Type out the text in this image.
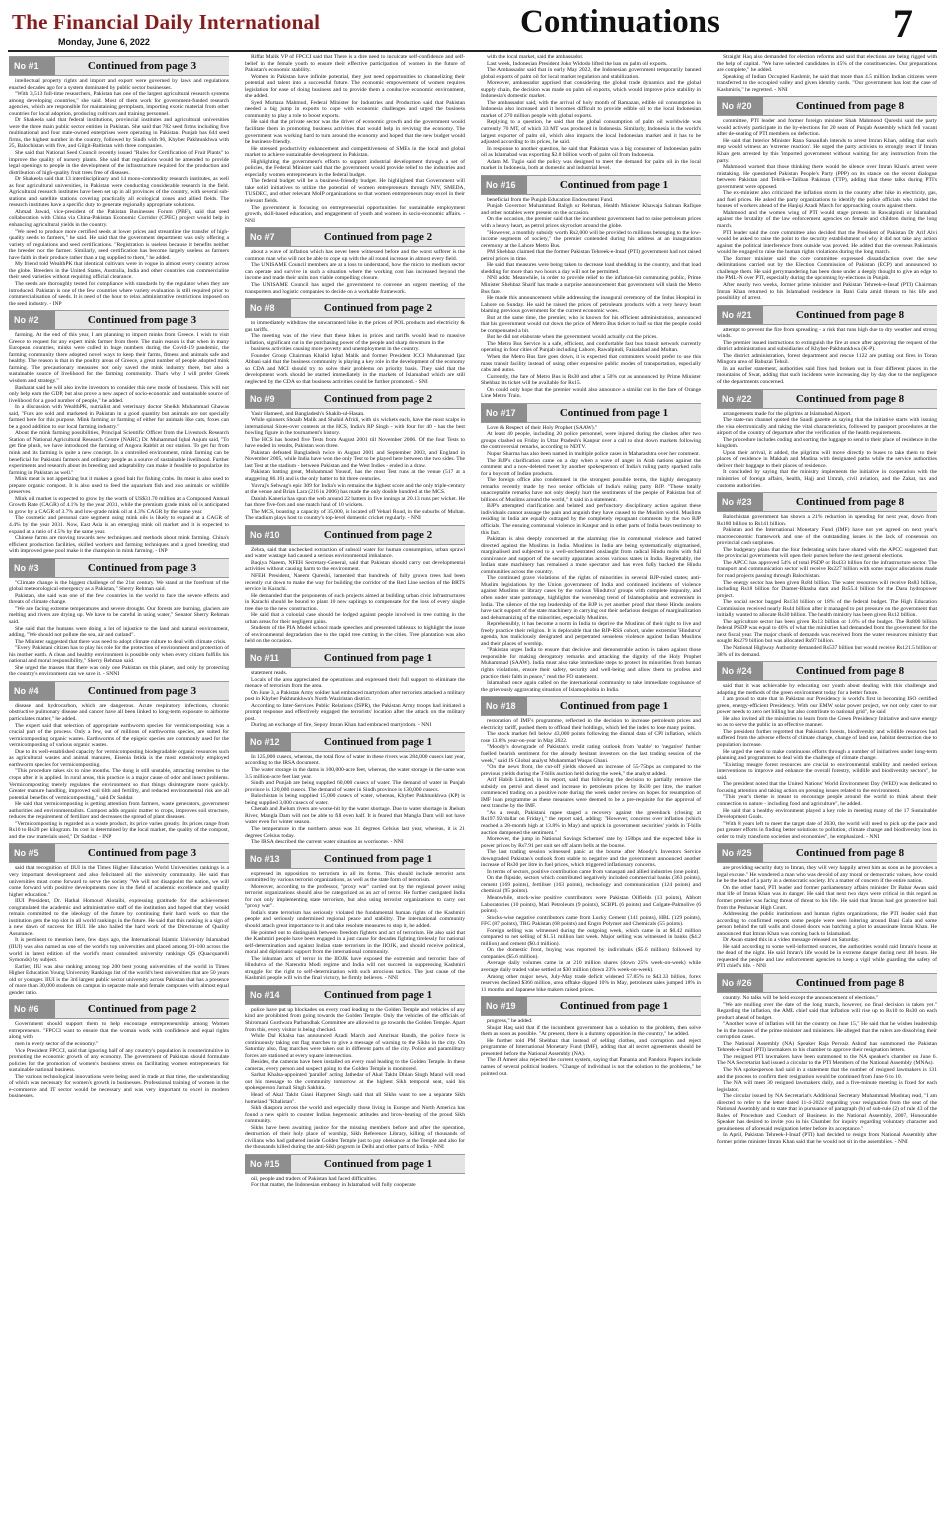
The Financial Daily International
Monday, June 6, 2022
Continuations	7
No #1	Continued from page 3

intellectual property rights and import and export were governed by laws and regulations enacted decades ago for a system dominated by public sector businesses.

"With 3,513 full-time researchers, Pakistan has one of the largest agricultural research systems among developing countries," she said. Most of them work for government-funded research agencies, which are responsible for maintaining germplasm, importing exotic material from other countries for local adoption, producing cultivars and training personnel.

Dr Shakeela said that federal institutions, provincial institutes and agricultural universities were the three main public sector entities in Pakistan. She said that 782 seed firms including five multinational and four state-owned enterprises were operating in Pakistan. Punjab has 644 seed firms, the highest number in the country, followed by Sindh with 96, Khyber Pakhtunkhwa with 25, Balochistan with five, and Gilgit-Baltistan with three companies.

She said that National Seed Council recently issued "Rules for Certification of Fruit Plants" to improve the quality of nursery plants. She said that regulations would be amended to provide legal openings to people in the development of the infrastructure required for the production and distribution of high-quality fruit trees free of diseases.

Dr Shakeela said that 13 interdisciplinary and 14 mono-commodity research institutes, as well as four agricultural universities, in Pakistan were conducting considerable research in the field. Agricultural research institutes have been set up in all provinces of the country, with several sub-stations and satellite stations covering practically all ecological zones and allied fields. The research institutes have a specific duty to generate regionally appropriate solutions.

Ahmad Jawad, vice-president of the Pakistan Businesses Forum (PBF), said that seed collaboration with China via China-Pakistan Economic Corridor (CPEC) project would help in enhancing agricultural yields in the country.

"We need to produce more certified seeds at lower prices and streamline the transfer of high-quality seeds to farmers," he said. He said that the government department was only offering a variety of regulations and seed certifications. "Registration is useless because it benefits neither the breeder nor the farmer. Similarly, seed certification has become largely useless as farmers have faith in their produce rather than a tag supplied to them," he added.

My friend told WealthPK that identical cultivars were in vogue in almost every country across the globe. Breeders in the United States, Australia, India and other countries can commercialise their seed varieties without requiring official clearance.

The seeds are thoroughly tested for compliance with standards by the regulator when they are introduced. Pakistan is one of the few countries where variety evaluation is still required prior to commercialisation of seeds. It is need of the hour to relax administrative restrictions imposed on the seed industry. - INP

No #2	Continued from page 3

farming. At the end of this year, I am planning to import minks from Greece. I wish to visit Greece to request for any expert mink farmer from there. The main reason is that when in many European countries, minks were culled in huge numbers during the Covid-19 pandemic, the farming community there adopted novel ways to keep their farms, fitness and animals safe and healthy. The reason is that in the poultry areas of Greece, a great number of people adopted mink farming. The precautionary measures not only saved the mink industry there, but also a sustainable source of livelihood for the farming community. That's why I will prefer Greek wisdom and strategy."

Basharat said he will also invite investors to consider this new mode of business. This will not only help earn the GDP, but also prove a new aspect of socio-economic and sustainable source of livelihood for a good number of people," he added.

In a discussion with WealthPK, nutrialist and veterinary doctor Sheikh Muhammad Ghawas said, "Furs are sold and marketed in Pakistan in a good quantity but animals are not specially farmed here for this purpose. Mink farming or farming of either fur animals like cats, foxes can be a good addition to our local farming industry."

About the mink farming possibilities, Principal Scientific Officer from the Livestock Research Station of National Agricultural Research Centre (NARC) Dr. Muhammad Iqbal Anjum said, "To get fine plush, we have introduced the farming of Angora Rabbit at our station. To get fur from mink and its farming is quite a new concept. In a controlled environment, mink farming can be beneficial for Pakistani farmers and ordinary people as a source of sustainable livelihood. Further experiments and research about its breeding and adaptability can make it feasible to popularize its farming in Pakistan as well."

Mink meat is not appetizing but it makes a good bait for fishing crabs. Its meat is also used to prepare organic compost. It is also used to feed the aquarium fish and zoo animals or wildlife preserves.

Mink oil market is expected to grow by the worth of US$31.70 million at a Compound Annual Growth Rate (CAGR) of 4.1% by the year 2031, while the premium grade mink oil is anticipated to grow by a CAGR of 3.7% and low-grade mink oil at 4.3% CAGR by the same year.

The cosmetic and personal care segment using mink oils is likely to expand at a CAGR of 4.4% by the year 2031. Now, East Asia is an emerging mink oil market and it is expected to expand at a ratio of 4.5% by the same year.

Chinese farms are moving towards new techniques and methods about mink farming. China's efficient production facilities, skilled workers and farming techniques and a good breeding stud with improved gene pool make it the champion in mink farming. - INP

No #3	Continued from page 3

"Climate change is the biggest challenge of the 21st century. We stand at the forefront of the global meteorological emergency as a Pakistan," Sherry Rehman said.

Pakistan, she said was one of the few countries in the world to face the severe effects and threats of climate change.

"We are facing extreme temperatures and severe drought. Our forests are burning, glaciers are melting and rivers are drying up. We have to be careful in using water," Senator Sherry Rehman said.

She said that the humans were doing a lot of injustice to the land and natural environment, adding, "We should not pollute the sea, air and cutland".

The Minister suggested that there was need to adopt climate culture to deal with climate crisis.

"Every Pakistani citizen has to play his role for the protection of environment and protection of his mother earth. A clean and healthy environment is possible only when every citizen fulfills his national and moral responsibility," Sherry Rehman said.

She urged the masses that there was only one Pakistan on this planet, and only by protecting the country's environment can we save it. - SNNI

No #4	Continued from page 3

disease and hydrocarbon, which are dangerous. Acute respiratory infections, chronic obstructive pulmonary disease and cancer have all been linked to long-term exposure to airborne particulates matter," he added.

The expert said that selection of appropriate earthworm species for vermicomposting was a crucial part of the process. Only a few, out of millions of earthworms species, are suited for vermicomposting organic wastes. Earthworms of the epigeic species are commonly used for the vermicomposting of various organic wastes.

Due to its well-established capacity for vermicomposting biodegradable organic resources such as agricultural wastes and animal manures, Eisenia fetida is the most extensively employed earthworm species for vermicomposting.

"This procedure takes six to nine months. The dung is still unstable, attracting termites to the crops after it is applied. In rural areas, this practice is a major cause of odor and insect problems. Vermicomposting merely regulates the environment so that things disintegrate more quickly. Greater manure handling, improved soil tilth and fertility, and reduced environmental risk are all potential benefits of vermicomposting," said Dr Saddar.

He said that vermicomposting is getting attention from farmers, waste generators, government authorities and environmentalists. Compost adds organic matter to crops, improves soil structure, reduces the requirement of fertilizer and decreases the spread of plant diseases.

"Vermicomposting is regarded as a waste product, its price varies greatly. Its prices range from Rs10 to Rs20 per kilogram. Its cost is determined by the local market, the quality of the compost, and the raw materials used," Dr Saddar. - INP

No #5	Continued from page 3

said that recognition of IIUI in the Times Higher Education World Universities rankings is a very important development and also felicitated all the university community. He said that universities must come forward to serve the society "We will not disappoint the nation, we will come forward with positive developments now in the field of academic excellence and quality higher education."

IIUI President, Dr. Hathal Homoud Alotaibi, expressing gratitude for the achievement congratulated the academic and administrative staff of the institution and hoped that they would remain committed to the ideology of the future by continuing their hard work so that the institution gets the top slot in all world rankings in the future. He said that this ranking is a sign of a new dawn of success for IIUI. He also hailed the hard work of the Directorate of Quality Assurance.

It is pertinent to mention here, few days ago, the International Islamic University Islamabad (IIUI) was also named as one of the world's top universities and placed among 91-100 across the world in latest edition of the world's most consulted university rankings QS (Quacquarelli Symonds) by subject.

Earlier, IIU was also ranking among top 200 best young universities of the world in Times Higher Education Young University Rankings list of the world's best universities that are 50 years old or younger. IIUI is the 3rd largest public sector university across Pakistan that has a presence of more than 30,000 students on campus in separate male and female campuses with almost equal gender ratio.

No #6	Continued from page 2

Government should support them to help encourage entrepreneurship among Women entrepreneurs. "FPCCI want to ensure that the woman work with confidence and equal rights along with

men in every sector of the economy."

Vice President FPCCI, said that ignoring half of any country's population is counterintuitive in promoting the economic growth of any economy. The government of Pakistan should formulate policies for the promotion of women's business stress on facilitating women entrepreneurs for sustainable national business.

The various technological innovations were being used in trade at that time, the understanding of which was necessary for women's growth in businesses. Professional training of women in the e-commerce and IT sector would be necessary and was very important to excel in modern businesses.

Riffat Malik VP of FPCCI said that There is a dire need to inculcate self-confidence and self-belief in the female youth to ensure their effective participation of women in the future of Pakistan's economic stability.

Women in Pakistan have infinite potential, they just need opportunities to channelizing their potential and talent into a successful future. The economic empowerment of women requires legislation for ease of doing business and to provide them a conducive economic environment, she added.

Syed Murtaza Mahmud, Federal Minister for Industries and Production said that Pakistan needed a big jump in exports to cope with economic challenges and urged the business community to play a role to boost exports.

He said that the private sector was the driver of economic growth and the government would facilitate them in promoting business activities that would help in reviving the economy. The government was working hard to turn around the economy and hoped that the new budget would be business-friendly.

He stressed productivity enhancement and competitiveness of SMEs in the local and global market to achieve sustainable development in Pakistan.

Highlighting the government's efforts to support industrial development through a set of policies, the Federal Minister said that the government would provide relief to the industries and especially women entrepreneurs in the federal budget.

The federal budget will be a business-friendly budget. He highlighted that Government will take solid initiatives to utilize the potential of women entrepreneurs through NIV, SMEDA, TUSDEC, and other relevant MoIP organizations so that women entrepreneurs may excel in their relevant fields.

The government is focusing on entrepreneurial opportunities for sustainable employment growth, skill-based education, and engagement of youth and women in socio-economic affairs. - NNI

No #7	Continued from page 2

about a wave of inflation which has never been witnessed before and the worst sufferer is the common man who will not be able to cope up with the all round increase in almost every field.

The UNISAME Council members are at a loss to understand, how the micro to medium sector can operate and survive in such a situation where the working cost has increased beyond the income and made their units non viable compelling closure.

The UNISAME Council has urged the government to convene an urgent meeting of the transporters and logistic companies to decide on a workable framework.

No #8	Continued from page 2

to immediately withdraw the unwarranted hike in the prices of POL products and electricity & gas tariffs.

The meeting was of the view that these hikes in prices and tariffs would lead to massive inflation, significant cut in the purchasing power of the people and sharp downturn in the

business activities causing more poverty and unemployment in the country.

Founder Group Chairman Khalid Iqbal Malik and former President ICCI Muhammad Ijaz Abbasi said that the business community is playing a key role in the development of the economy so CDA and MCI should try to solve their problems on priority basis. They said that the development work should be started immediately in the markets of Islamabad which are still neglected by the CDA so that business activities could be further promoted. - SNI

No #9	Continued from page 2

Yasir Hameed, and Bangladesh's Shakib-ul-Hasan.

While spinners Shoaib Malik and Shahid Afridi, with six wickets each, have the most scalps in international Sixes-over contests at the HCS, India's RP Singh - with four for 40 - has the best bowling figure in the tournament's history.

The HCS has hosted five Tests from August 2001 till November 2006. Of the four Tests to have ended in results, Pakistan won three.

Pakistan defeated Bangladesh twice in August 2001 and September 2003, and England in November 2005, while India have won the only Test to be played here between the two sides. The last Test at the stadium - between Pakistan and the West Indies - ended in a draw.

Pakistan batting great, Mohammad Yousuf, has the most Test runs at the venue (517 at a staggering 86.16) and is the only batter to hit three centuries.

Yuvraj's Sehwag's epic 309 for India's win remains the highest score and the only triple-century at the venue and Brian Lara (216 in 2006) has made the only double hundred at the MCS.

Danish Kaneria has spun the web around 22 batters in five innings at 20.13 runs per wicket. He has three five-fors and one match haul of 10 wickets.

The MCS, boasting a capacity of 35,000, is located off Vehari Road, in the suburbs of Multan. The stadium plays host to country's top-level domestic cricket regularly. - NNI

No #10	Continued from page 2

Zehra, said that unchecked extraction of subsoil water for human consumption, urban sprawl and water wastage had caused a serious environmental imbalance.

Baqiya Naeem, NFEH Secretary-General, said that Pakistan should carry out developmental activities without causing harm to the environment.

NFEH President, Naeem Qureshi, lamented that hundreds of fully grown trees had been recently cut down to make the way for building the corridor of the Red Line section of the BRTS service in Karachi.

He demanded that the proponents of such projects aimed at building urban civic infrastructures in Karachi should be bound to plant 10 new saplings to compensate for the loss of every single tree due to the new construction.

He said that a colonial case should be lodged against people involved in tree cutting in the urban areas for their negligent gains.

Students of the PIA Model school made speeches and presented tableaux to highlight the issue of environmental degradation due to the rapid tree cutting in the cities. Tree plantation was also held on the occasion.

No #11	Continued from page 1

statement reads.

Locals of the area appreciated the operations and expressed their full support to eliminate the menace of terrorism from the area.

On June 3, a Pakistan Army soldier had embraced martyrdom after terrorists attacked a military post in Khyber Pakhtunkhwa's North Waziristan district.

According to Inter-Services Public Relations (ISPR), the Pakistan Army troops had initiated a prompt response and effectively engaged the terrorists' location after the attack on the military post.

During an exchange of fire, Sepoy Imran Khan had embraced martyrdom. - NNI

No #12	Continued from page 1

In 125,000 cusecs, whereas, the total flow of water in these rivers was 284,000 cusecs last year, according to the IRSA document.

The water storage in the dams is 100,000-acre feet, whereas, the water storage in the same was 3.5 million-acre feet last year.

Sindh and Punjab are being supplied 60,000 cusecs of water. The demand of water in Punjab province is 120,000 cusecs. The demand of water in Sindh province is 130,000 cusecs.

Balochistan is being supplied 15,000 cusecs of water, whereas, Khyber Pakhtunkhwa (KP) is being supplied 3,000 cusecs of water.

Chenab and Jhelum rivers are worse-hit by the water shortage. Due to water shortage in Jhelum River, Mangla Dam will not be able to fill even half. It is feared that Mangla Dam will not have water even for winter season.

The temperature in the northern areas was 31 degrees Celsius last year, whereas, it is 21 degrees Celsius today.

The IRSA described the current water situation as worrisome. - NNI

No #13	Continued from page 1

expressed its opposition to terrorism in all its forms. This should include terrorist acts committed by various terrorist organizations, as well as the state form of terrorism.

Moreover, according to the professor, "proxy war" carried out by the regional power using terrorist organizations should also be categorized as an act of terror. He further castigated India for not only implementing state terrorism, but also using terrorist organizations to carry out "proxy war".

India's state terrorism has seriously violated the fundamental human rights of the Kashmiri people and seriously undermined regional peace and stability. The international community should attach great importance to it and take resolute measures to stop it, he added.

He pointed out to distinguish between freedom fighters and act of terrorism. He also said that the Kashmiri people have been engaged in a just cause for decades fighting tirelessly for national self-determination and against Indian state terrorism in the IIOJK, and should receive political, moral and diplomatic support from the international community.

The inhuman acts of terror in the IIOJK have exposed the extremist and terrorist face of Hindutva of the Narendra Modi regime and India will not succeed in suppressing Kashmiri struggle for the right to self-determination with such atrocious tactics. The just cause of the Kashmiri people will win the final victory, he firmly believes. - NNI

No #14	Continued from page 1

police have put up blockades on every road leading to the Golden Temple and vehicles of any kind are prohibited from going towards the Golden Temple. Only the vehicles of the officials of Shiromani Gurdwara Parbandhak Committee are allowed to go towards the Golden Temple. Apart from this, every visitor is being checked.

While Dal Khalsa has announced Azadi March and Amritsar Bandh, the police force is continuously taking out flag marches to give a message of warning to the Sikhs in the city. On Saturday also, flag marches were taken out in different parts of the city. Police and paramilitary forces are stationed at every square intersection.

Besides, the cameras have been installed on every road leading to the Golden Temple. In these cameras, every person and suspect going to the Golden Temple is monitored.

Sarbat Khalsa-appointed 'parallel' acting Jathedar of Akal Takht Dhian Singh Mand will read out his message to the community tomorrow at the highest Sikh temporal seat, said his spokesperson Jarnail Singh Sakhira.

Head of Akal Takht Giani Harpreet Singh said that all Sikhs want to see a separate Sikh homeland "Khalistan".

Sikh diaspora across the world and especially those living in Europe and North America has found a new spirit to counter Indian hegemonic attitudes and brow-beating of the proud Sikh community.

Sikhs have been awaiting justice for the missing members before and after the operation, destruction of their holy place of worship, Sikh Reference Library, killing of thousands of civilians who had gathered inside Golden Temple just to pay obeisance at the Temple and also for the thousands killed during the anti-Sikh pogrom in Delhi and other parts of India. - NNI

No #15	Continued from page 1

oil, people and traders of Pakistan had faced difficulties.

For that matter, the Indonesian embassy in Islamabad will fully cooperate

with the local market, said the ambassador.

Last week, Indonesian President Joko Widodo lifted the ban on palm oil exports.

The Ambassador said that in early May 2022, the Indonesian government temporarily banned global exports of palm oil for local market regulation and stabilization.

Moreover, ambassador apprised that considering the global trade dynamics and the global supply chain, the decision was made on palm oil exports, which would improve price stability in Indonesia's domestic market.

The ambassador said, with the arrival of holy month of Ramazan, edible oil consumption in Indonesia also increased and it becomes difficult to provide edible oil to the local Indonesian market of 270 million people with global exports.

Replying to a question, he said that the global consumption of palm oil worldwide was currently 70 MT, of which 33 MT was produced in Indonesia. Similarly, Indonesia is the world's largest exporter of palm oil, which also impacts the local Indonesian market and it has to be adjusted according to its prices, he said.

In response to another question, he said that Pakistan was a big consumer of Indonesian palm oil as Islamabad was exporting $2.8 billion worth of palm oil from Indonesia.

Adam M. Tugio said the policy was designed to meet the demand for palm oil in the local market in Indonesia, both at domestic and industrial level.

No #16	Continued from page 1

beneficial from the Punjab Education Endowment Fund.

Punjab Governor Muhammad Baligh ur Rehman, Health Minister Khawaja Salman Rafique and other notables were present on the occasion.

On the occasion, the premier said that the incumbent government had to raise petroleum prices with a heavy heart, as petrol prices skyrocket around the globe.

"However, a monthly subsidy worth Rs2,000 will be provided to millions belonging to the low-income segments of society," the premier contended during his address at an inauguration ceremony at the Lahore Metro Bus.

PM Shehbaz claimed that the former Pakistan Tehreek-e-Insaf (PTI) government had not raised petrol prices in time.

He said that measures were being taken to decrease load shedding in the country, and that load shedding for more than two hours a day will not be permitted.

NNI adds: Meanwhile, in order to provide relief to the inflation-hit commuting public, Prime Minister Shehbaz Sharif has made a surprise announcement that government will slash the Metro Bus fare.

He made this announcement while addressing the inaugural ceremony of the Indus Hospital in Lahore on Sunday. He said he raised the prices of petroleum products with a very heavy heart blaming previous government for the current economic woes.

But at the same time, the premier, who is known for his efficient administration, announced that his government would cut down the price of Metro Bus ticket to half so that the people could be compensated a bit.

But he did not elaborate when the government would actually cut the prices.

The Metro Bus Service is a safe, efficient, and comfortable fast bus transit network currently operating in four cities of Punjab including Lahore, Rawalpindi, Faisalabad and Multan.

When the Metro Bus fare goes down, it is expected that commuters would prefer to use this mass transit facility instead of using other expensive public modes of transportation, especially cabs and autos.

Currently, the fare of Metro Bus is Rs30 and after a 50% cut as announced by Prime Minister Shehbaz its ticket will be available for Rs15.

On could only hope that the premier would also announce a similar cut in the fare of Orange Line Metro Train.

No #17	Continued from page 1

Love & Respect of their Holy Prophet (SAAW)."

At least 40 people, including 20 police personnel, were injured during the clashes after two groups clashed on Friday in Uttar Pradesh's Kanpur over a call to shut down markets following the controversial remarks, according to NDTV.

Nupur Sharma has also been named in multiple police cases in Maharashtra over her comment.

The BJP's clarification came on a day when a wave of anger in Arab nations against the comment and a now-deleted tweet by another spokesperson of India's ruling party sparked calls for a boycott of Indian products.

The foreign office also condemned in the strongest possible terms, the highly derogatory remarks recently made by two senior officials of India's ruling party BJP. "These totally unacceptable remarks have not only deeply hurt the sentiments of the people of Pakistan but of billions of Muslims around the world," it said in a statement.

BJP's attempted clarification and belated and perfunctory disciplinary action against these individuals cannot assuage the pain and anguish they have caused to the Muslim world. Muslims residing in India are equally outraged by the completely repugnant comments by the two BJP officials. The ensuing communal violence in Kanpur and in other parts of India bears testimony to this fact.

Pakistan is also deeply concerned at the alarming rise in communal violence and hatred directed against the Muslims in India. Muslims in India are being systematically stigmatised, marginalised and subjected to a well-orchestrated onslaught from radical Hindu mobs with full connivance and support of the security apparatus across various states in India. Regrettably, the Indian state machinery has remained a mute spectator and has even fully backed the Hindu communities across the country.

The continued grave violations of the rights of minorities in several BJP-ruled states; anti-Muslim legislations by the Union government of India and continued incidents of violence against Muslims or library cases by the various 'Hindutva' groups with complete impunity, and often under state patronage, highlights the worsening trend of Islamophobia and extremism in India. The silence of the top leadership of the BJP is yet another proof that these Hindu zealots have tacit support of the state machinery in carrying out their nefarious designs of marginalization and dehumanizing of the minorities, especially Muslims.

Reprehensibly, it has become a norm in India to deprive the Muslims of their right to live and freely practice their religion. It is deplorable that the BJP-RSS cohort, under extremist 'Hindutva' agenda, has maliciously denigrated and perpetrated senseless violence against Indian Muslims and their places of worship.

"Pakistan urges India to ensure that decisive and demonstrable action is taken against those responsible for making derogatory remarks and attacking the dignity of the Holy Prophet Muhammad (SAAW). India must also take immediate steps to protect its minorities from human rights violations, ensure their safety, security and well-being and allow them to profess and practice their faith in peace," read the FO statement.

Islamabad once again called on the international community to take immediate cognisance of the grievously aggravating situation of Islamophobia in India.

No #18	Continued from page 1

restoration of IMF's programme, reflected in the decision to increase petroleum prices and electricity tariff, pushed them to offload their holdings, which led the index to lose many points.

The stock market fell below 43,000 points following the dismal data of CPI inflation, which rose 13.8% year-on-year in May 2022.

"Moody's downgrade of Pakistan's credit rating outlook from 'stable' to 'negative' further fuelled bearish sentiment for the already hesitant investors on the last trading session of the week," said JS Global analyst Muhammad Waqas Ghani.

"On the news front, the cut-off yields showed an increase of 55-75bps as compared to the previous yields during the T-bills auction held during the week," the analyst added.

Arif Habib Limited, in its report, said that following the decision to partially remove the subsidy on petrol and diesel and increase in petroleum prices by Rs30 per litre, the market commenced trading on a positive note during the week under review on hopes for resumption of IMF loan programme as these measures were deemed to be a pre-requisite for the approval of next tranche by the IMF.

"As a result, Pakistani rupee staged a recovery against the greenback (closing at Rs197.92/dollar on Friday)," the report said, adding: "However, concerns over inflation (which reached a 28-month high at 13.8% in May) and uptick in government securities' yields in T-bills auction dampened the sentiment."

Moreover, the jump in National Savings Schemes' rate by 150bps and the expected hike in power prices by Rs7.91 per unit set off alarm bells at the bourse.

The last trading session witnessed panic at the bourse after Moody's Investors Service downgraded Pakistan's outlook from stable to negative and the government announced another increase of Rs30 per litre in fuel prices, which triggered inflationary concerns.

In terms of sectors, positive contribution came from vanaspati and allied industries (one point).

On the flipside, sectors which contributed negatively included commercial banks (363 points), cement (169 points), fertiliser (163 points), technology and communication (124 points) and chemical (95 points).

Meanwhile, stock-wise positive contributors were Pakistan Oilfields (13 points), Abbott Laboratories (10 points), Mari Petroleum (9 points), SCBPL (6 points) and Colgate-Palmolive (6 points).

Stocks-wise negative contributors came from Lucky Cement (141 points), HBL (129 points), FFC (87 points), TRG Pakistan (68 points) and Engro Polymer and Chemicals (55 points).

Foreign selling was witnessed during the outgoing week, which came in at $0.42 million compared to net selling of $1.51 million last week. Major selling was witnessed in banks ($4.2 million) and cement ($0.4 million).

On the domestic front, buying was reported by individuals ($5.6 million) followed by companies ($5.6 million).

Average daily volumes came in at 210 million shares (down 25% week-on-week) while average daily traded value settled at $30 million (down 23% week-on-week).

Among other major news, July-May trade deficit widened 57.85% to $43.33 billion, forex reserves declined $366 million, urea offtake dipped 10% in May, petroleum sales jumped 18% in 11 months and Japanese bike makers raised prices.

No #19	Continued from page 1

progress," he added.

Shujat Haq said that if the incumbent government has a solution to the problem, then solve them as soon as possible. "At present, there is a dummy opposition in the country," he added.

He further told PM Shehbaz that instead of selling clothes, and corruption and reject programme of International Monetary Fund (IMF), adding that all secret agreements should be presented before the National Assembly (NA).

The JI Ameer also rejected the current system, saying that Panama and Pandora Papers include names of several political leaders. "Change of individual is not the solution to the problems," he pointed out.

Straight Haq also demanded for election reforms and said that elections are being rigged with the help of capital. "We have selected candidates in 45% of the constituencies. Our preparations are complete," he added.

Speaking of Indian Occupied Kashmir, he said that more than 4.5 million Indian citizens were transferred to the occupied valley and given identity cards. "Our government has lost the case of Kashmiris," he regretted. - NNI

No #20	Continued from page 8

committee, PTI leader and former foreign minister Shah Mahmood Qureshi said the party would actively participate in the by-elections for 20 seats of Punjab Assembly which fell vacant after de-seating of PTI members on defection.

He said that Interior Minister Rana Sanaullah intends to arrest Imran Khan, adding that such step would witness an 'extreme reaction'. He urged the party activists to strongly react if Imran Khan gets arrested by this 'imported government without waiting for any instruction from the party.

Mahmood warned that those thinking there would be silence over Imran Khan's arrest were mistaking. He questioned Pakistan People's Party (PPP) on its stance on the recent dialogue between Pakistan and Tehrik-e-Taliban Pakistan (TTP), adding that these talks during PTI's government were opposed.

The ex-minister also criticized the inflation storm in the country after hike in electricity, gas, and fuel prices. He asked the party organizations to identify the police officials who raided the houses of workers ahead of the Haqiqi Azadi March for approaching courts against them.

Mahmood and the women wing of PTI would stage protests in Rawalpindi or Islamabad against the brutality of the law enforcement agencies on female and children during the long march.

PTI leader said the core committee also decided that the President of Pakistan Dr Arif Alvi would be asked to raise the point to the security establishment of why it did not take any action against the political interference from outside was proved. He added that the overseas Pakistanis would be engaged to raise the human rights violations during the long march.

The former minister said the core committee expressed dissatisfaction over the new delimitations carried out by the Election Commission of Pakistan (ECP) and announced to challenge them. He said gerrymandering has been done under a deeply thought to give an edge to the PML-N over PTI, especially during the upcoming by-elections in Punjab.

After nearly two weeks, former prime minister and Pakistan Tehreek-e-Insaf (PTI) Chairman Imran Khan returned to his Islamabad residence in Bani Gala amid threats to his life and possibility of arrest.

No #21	Continued from page 8

attempt to prevent the fire from spreading - a risk that runs high due to dry weather and strong winds.

The premier issued instructions to extinguish the fire at once after approving the request of the district administration and subsidiaries of Khyber-Pakhtunkhwa (K-P).

The district administration, forest department and rescue 1122 are putting out fires in Toran Mingora area of Babuzai Tehsil.

In an earlier statement, authorities said fires had broken out in four different places in the mountains of Swat, adding that such incidents were increasing day by day due to the negligence of the departments concerned.

No #22	Continued from page 8

arrangements made for the pilgrims at Islamabad Airport.

The state-run channel quoted the Saudi gazette as saying that the initiative starts with issuing the visa electronically and taking the vital characteristics, followed by passport procedures at the airport of the country of departure after the verification of the health requirements.

The procedure includes coding and sorting the luggage to send to their place of residence in the kingdom.

Upon their arrival, it added, the pilgrims will move directly to buses to take them to their places of residence in Makkah and Madina with designated paths while the service authorities deliver their baggage to their places of residence.

It concluded by saying that the ministry implements the initiative in cooperation with the ministries of foreign affairs, health, Hajj and Umrah, civil aviation, and the Zakat, tax and customs authorities.

No #23	Continued from page 8

Balochistan government has shown a 21% reduction in spending for next year, down from Rs180 billion to Rs141 billion.

Pakistan and the International Monetary Fund (IMF) have not yet agreed on next year's macroeconomic framework and one of the outstanding issues is the lack of consensus on provincial cash surpluses.

The budgetary plans that the four federating units have shared with the APCC suggested that the provincial governments will open their purses before the next general elections.

The APCC has approved 54% of total PSDP or Rs433 billion for the infrastructure sector. The transport and communication sector will receive Rs227 billion with some major allocations made for road projects passing through Balochistan.

The energy sector has been given Rs84 billion. The water resources will receive Rs83 billion, including Rs18 billion for Diamer-Bhasha dam and Rs55.4 billion for the Dasu hydropower project.

The social sector bagged Rs134 billion or 18% of the federal budget. The High Education Commission received nearly Rs44 billion after it managed to put pressure on the government that initially wanted to allocate Rs30 billion. The health ministry has been given Rs12 billion.

The agriculture sector has been given Rs13 billion or 1.6% of the budget. The Rs800 billion federal PSDP was equal to 46% of what the ministries had demanded from the government for the next fiscal year. The major chunk of demands was received from the water resources ministry that sought Rs279 billion but was allocated Rs97 billion.

The National Highway Authority demanded Rs537 billion but would receive Rs121.5 billion or 38% of its demand.

No #24	Continued from page 8

said that it was achievable by educating our youth about dealing with this challenge and adapting the methods of the green environment today for a better future.

I am proud to state that in Pakistan our Presidency is world's first in becoming ISO certified green, energy-efficient Presidency. With our EMW solar power project, we not only cater to our power needs to zero net billing but also contribute to national grid", he said

He also invited all the ministries to learn from the Green Presidency Initiative and save energy so as to serve the public in an effective manner.

The president further regretted that Pakistan's forests, biodiversity and wildlife resources had suffered from the adverse effects of climate change, change of land use, habitat destruction due to population increase.

He urged the need to make continuous efforts through a number of initiatives under long-term planning and programmes to deal with the challenge of climate change.

"Existing meagre forest resources are crucial to environmental stability and needed serious interventions to improve and enhance the overall forestry, wildlife and biodiversity sectors", he said.

The president noted that the United Nations' World Environment Day (WED) was dedicated to focusing attention and taking action on pressing issues related to the environment.

"This year's theme is meant to encourage people around the world to think about their connection to nature - including food and agriculture", he added.

He said that a healthy environment played a key role in meeting many of the 17 Sustainable Development Goals.

"With 8 years left to meet the target date of 2030, the world will need to pick up the pace and put greater efforts in finding better solutions to pollution, climate change and biodiversity loss in order to truly transform societies and economies", he emphasized. - NNI

No #25	Continued from page 8

are providing security duty to Imran, they will very happily arrest him as soon as he provokes a legal excuse." He wondered a man who was devoid of any moral or democratic values, how could he be the head of a party in a democratic society. It's a matter of concern if the entire nation.

On the other hand, PTI leader and former parliamentary affairs minister Dr Babar Awan said that life of Imran Khan was in danger. He said that next two days were critical in this regard as former premier was facing threat of threat to his life. He said that Imran had got protective bail from the Peshawar High Court.

Addressing the public institutions and human rights organizations, the PTI leader said that according to confirmed reports some people were seen loitering around Bani Gala and some person behind the tall walls and closed doors was hatching a plot to assassinate Imran Khan. He announced that Imran Khan was coming back to Islamabad.

Dr Awan stated this in a video message released on Saturday.

He said according to some well-informed sources, the authorities would raid Imran's house at the dead of the night. He said Imran's life would be in extreme danger during next 48 hours. He requested the people and law enforcement agencies to keep a vigil while guarding the safety of PTI chief's life. - NNI

No #26	Continued from page 8

country. No talks will be held except the announcement of elections."

"We are mulling over the date of the long march, however, no final decision is taken yet." Regarding the inflation, the AML chief said that inflation will rise up to Rs10 to Rs30 on each product ahead of budget.

"Another wave of inflation will hit the country on June 15," He said that he wishes leadership be in the houses of the prime minister and ministers. He alleged that the rulers are dissolving their corruption cases.

The National Assembly (NA) Speaker Raja Pervaiz Ashraf has summoned the Pakistan Tehreek-e-Insaf (PTI) lawmakers to his chamber to approve their resignation letters.

The resigned PTI lawmakers have been summoned to the NA speaker's chamber on June 6. The NA Secretariat had issued a circular to the PTI Members of the National Assembly (MNAs).

The NA spokesperson had said in a statement that the number of resigned lawmakers is 131 and the process to confirm their resignation would be continued from June 6 to 10.

The NA will meet 30 resigned lawmakers daily, and a five-minute meeting is fixed for each legislator.

The circular issued by NA Secretariat's Additional Secretary Muhammad Mushtaq read, "I am directed to refer to the letter dated 11-4-2022 regarding your resignation from the seat of the National Assembly and to state that in pursuance of paragraph (b) of sub-rule (2) of rule 43 of the Rules of Procedure and Conduct of Business in the National Assembly, 2007, Honourable Speaker has desired to invite you in his Chamber for inquiry regarding voluntary character and genuineness of aforesaid resignation letter before its acceptance."

In April, Pakistan Tehreek-I-Insaf (PTI) had decided to resign from National Assembly after former prime minister Imran Khan said that he would not sit in the assemblies. - NNI
